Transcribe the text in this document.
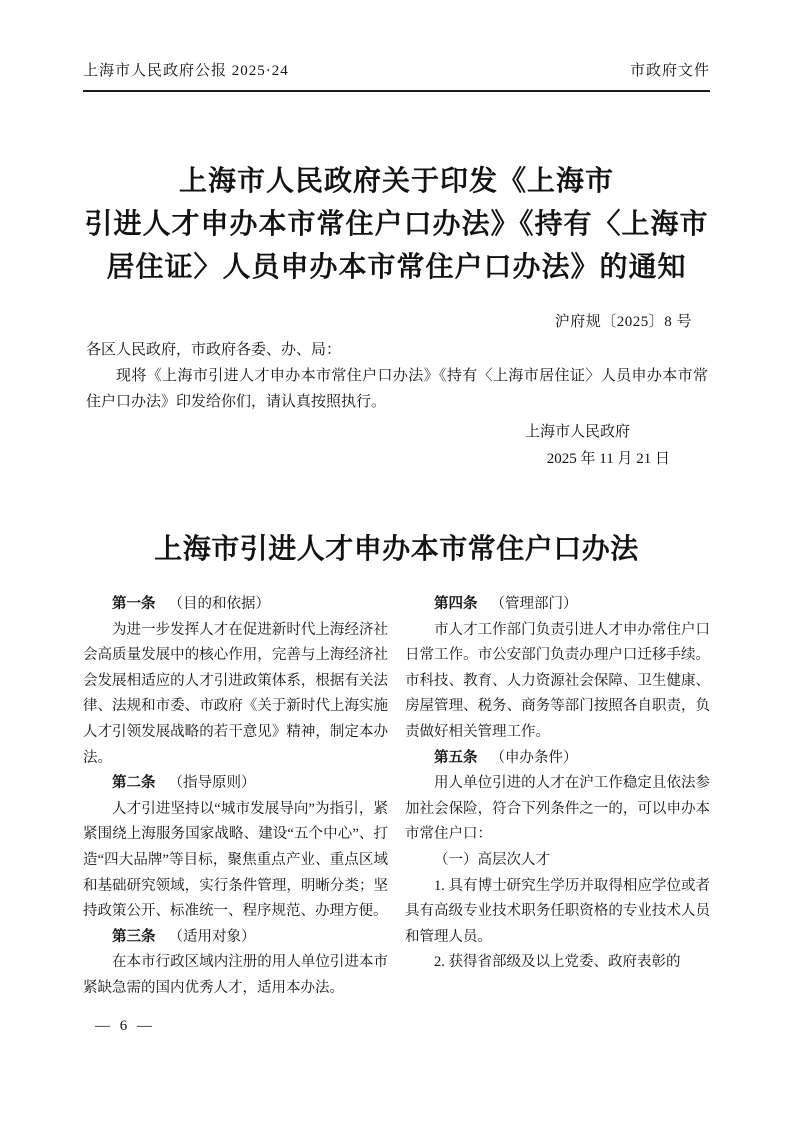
上海市人民政府公报 2025·24	市政府文件
上海市人民政府关于印发《上海市
引进人才申办本市常住户口办法》《持有〈上海市
居住证〉人员申办本市常住户口办法》的通知
沪府规〔2025〕8 号
各区人民政府，市政府各委、办、局：
现将《上海市引进人才申办本市常住户口办法》《持有〈上海市居住证〉人员申办本市常住户口办法》印发给你们，请认真按照执行。
上海市人民政府
2025 年 11 月 21 日
上海市引进人才申办本市常住户口办法

第一条 （目的和依据）

为进一步发挥人才在促进新时代上海经济社会高质量发展中的核心作用，完善与上海经济社会发展相适应的人才引进政策体系，根据有关法律、法规和市委、市政府《关于新时代上海实施人才引领发展战略的若干意见》精神，制定本办法。

第二条 （指导原则）

人才引进坚持以“城市发展导向”为指引，紧紧围绕上海服务国家战略、建设“五个中心”、打造“四大品牌”等目标，聚焦重点产业、重点区域和基础研究领域，实行条件管理，明晰分类；坚持政策公开、标准统一、程序规范、办理方便。

第三条 （适用对象）

在本市行政区域内注册的用人单位引进本市紧缺急需的国内优秀人才，适用本办法。

第四条 （管理部门）

市人才工作部门负责引进人才申办常住户口日常工作。市公安部门负责办理户口迁移手续。市科技、教育、人力资源社会保障、卫生健康、房屋管理、税务、商务等部门按照各自职责，负责做好相关管理工作。

第五条 （申办条件）

用人单位引进的人才在沪工作稳定且依法参加社会保险，符合下列条件之一的，可以申办本市常住户口：

（一）高层次人才

1. 具有博士研究生学历并取得相应学位或者具有高级专业技术职务任职资格的专业技术人员和管理人员。

2. 获得省部级及以上党委、政府表彰的

— 6 —
